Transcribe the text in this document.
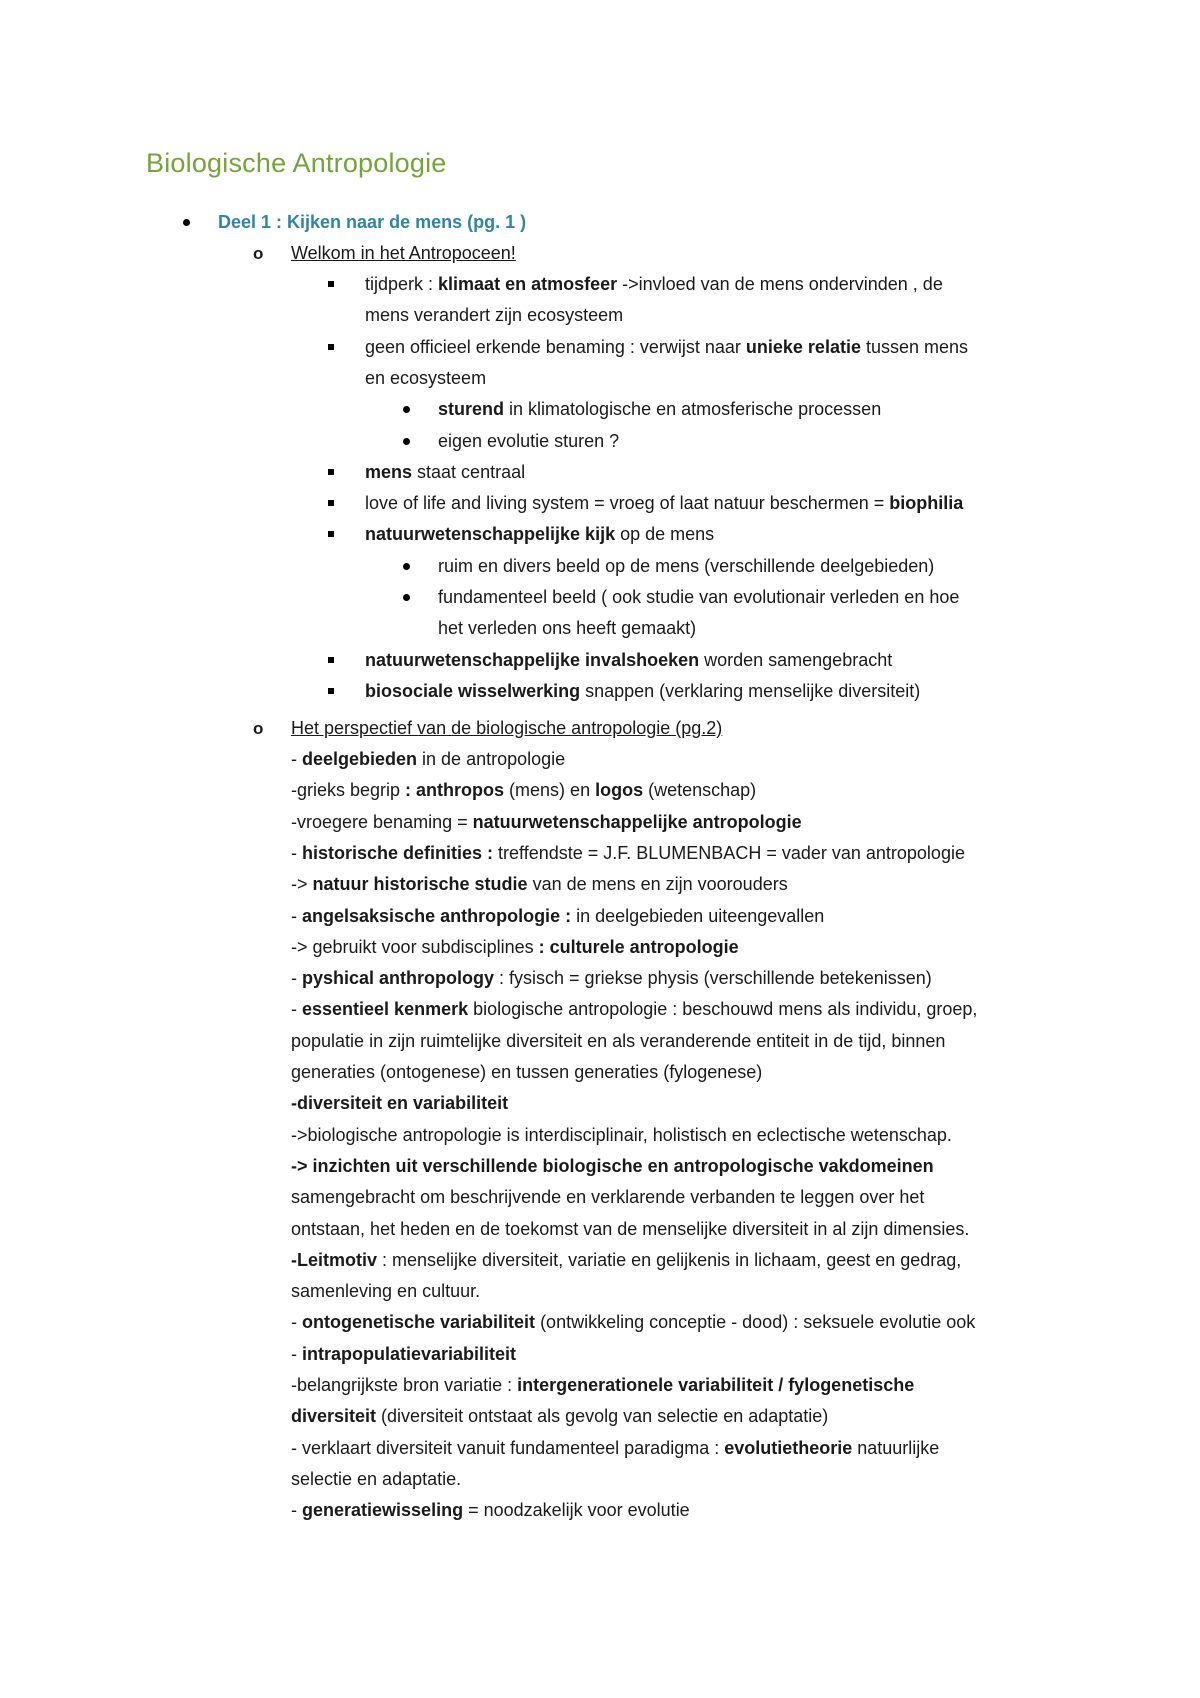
Biologische Antropologie
Deel 1 : Kijken naar de mens (pg. 1 )
o Welkom in het Antropoceen!
tijdperk : klimaat en atmosfeer ->invloed van de mens ondervinden , de
mens verandert zijn ecosysteem
geen officieel erkende benaming : verwijst naar unieke relatie tussen mens
en ecosysteem
sturend in klimatologische en atmosferische processen
eigen evolutie sturen ?
mens staat centraal
love of life and living system = vroeg of laat natuur beschermen = biophilia
natuurwetenschappelijke kijk op de mens
ruim en divers beeld op de mens (verschillende deelgebieden)
fundamenteel beeld ( ook studie van evolutionair verleden en hoe
het verleden ons heeft gemaakt)
natuurwetenschappelijke invalshoeken worden samengebracht
biosociale wisselwerking snappen (verklaring menselijke diversiteit)
o Het perspectief van de biologische antropologie (pg.2)
- deelgebieden in de antropologie
-grieks begrip : anthropos (mens) en logos (wetenschap)
-vroegere benaming = natuurwetenschappelijke antropologie
- historische definities : treffendste = J.F. BLUMENBACH = vader van antropologie
-> natuur historische studie van de mens en zijn voorouders
- angelsaksische anthropologie : in deelgebieden uiteengevallen
-> gebruikt voor subdisciplines : culturele antropologie
- pyshical anthropology : fysisch = griekse physis (verschillende betekenissen)
- essentieel kenmerk biologische antropologie : beschouwd mens als individu, groep,
populatie in zijn ruimtelijke diversiteit en als veranderende entiteit in de tijd, binnen
generaties (ontogenese) en tussen generaties (fylogenese)
-diversiteit en variabiliteit
->biologische antropologie is interdisciplinair, holistisch en eclectische wetenschap.
-> inzichten uit verschillende biologische en antropologische vakdomeinen
samengebracht om beschrijvende en verklarende verbanden te leggen over het
ontstaan, het heden en de toekomst van de menselijke diversiteit in al zijn dimensies.
-Leitmotiv : menselijke diversiteit, variatie en gelijkenis in lichaam, geest en gedrag,
samenleving en cultuur.
- ontogenetische variabiliteit (ontwikkeling conceptie - dood) : seksuele evolutie ook
- intrapopulatievariabiliteit
-belangrijkste bron variatie : intergenerationele variabiliteit / fylogenetische
diversiteit (diversiteit ontstaat als gevolg van selectie en adaptatie)
- verklaart diversiteit vanuit fundamenteel paradigma : evolutietheorie natuurlijke
selectie en adaptatie.
- generatiewisseling = noodzakelijk voor evolutie
